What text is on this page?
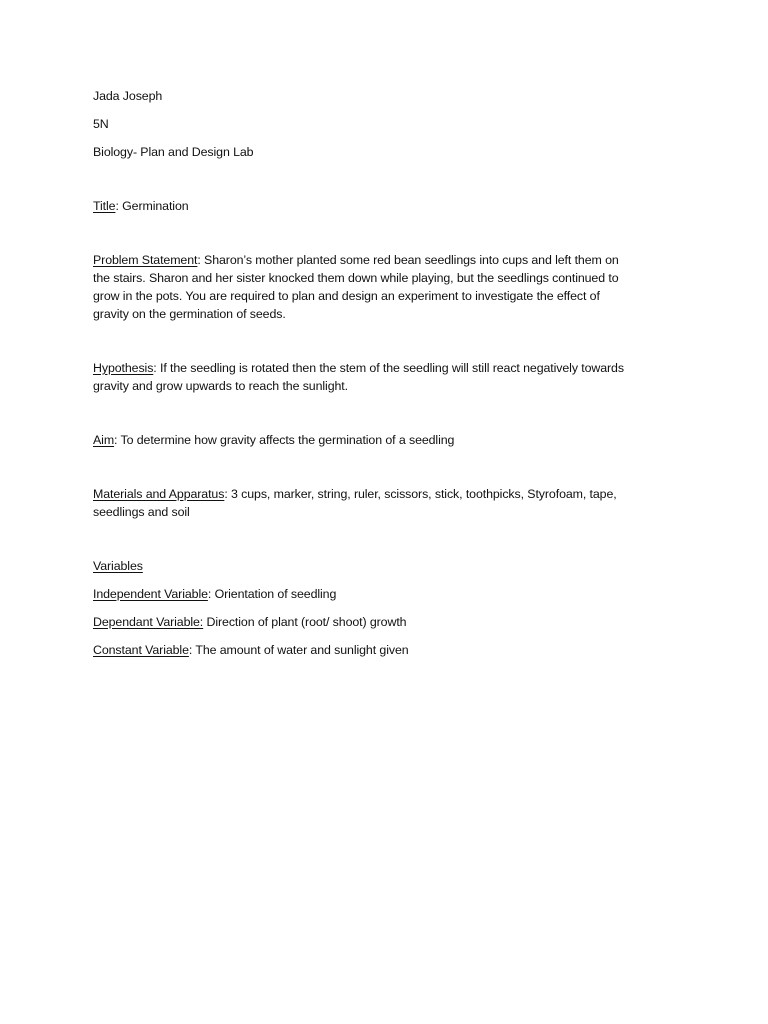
Jada Joseph

5N

Biology- Plan and Design Lab

Title: Germination

Problem Statement: Sharon’s mother planted some red bean seedlings into cups and left them on

the stairs. Sharon and her sister knocked them down while playing, but the seedlings continued to

grow in the pots. You are required to plan and design an experiment to investigate the effect of

gravity on the germination of seeds.

Hypothesis: If the seedling is rotated then the stem of the seedling will still react negatively towards

gravity and grow upwards to reach the sunlight.

Aim: To determine how gravity affects the germination of a seedling

Materials and Apparatus: 3 cups, marker, string, ruler, scissors, stick, toothpicks, Styrofoam, tape,

seedlings and soil

Variables

Independent Variable: Orientation of seedling

Dependant Variable: Direction of plant (root/ shoot) growth

Constant Variable: The amount of water and sunlight given
